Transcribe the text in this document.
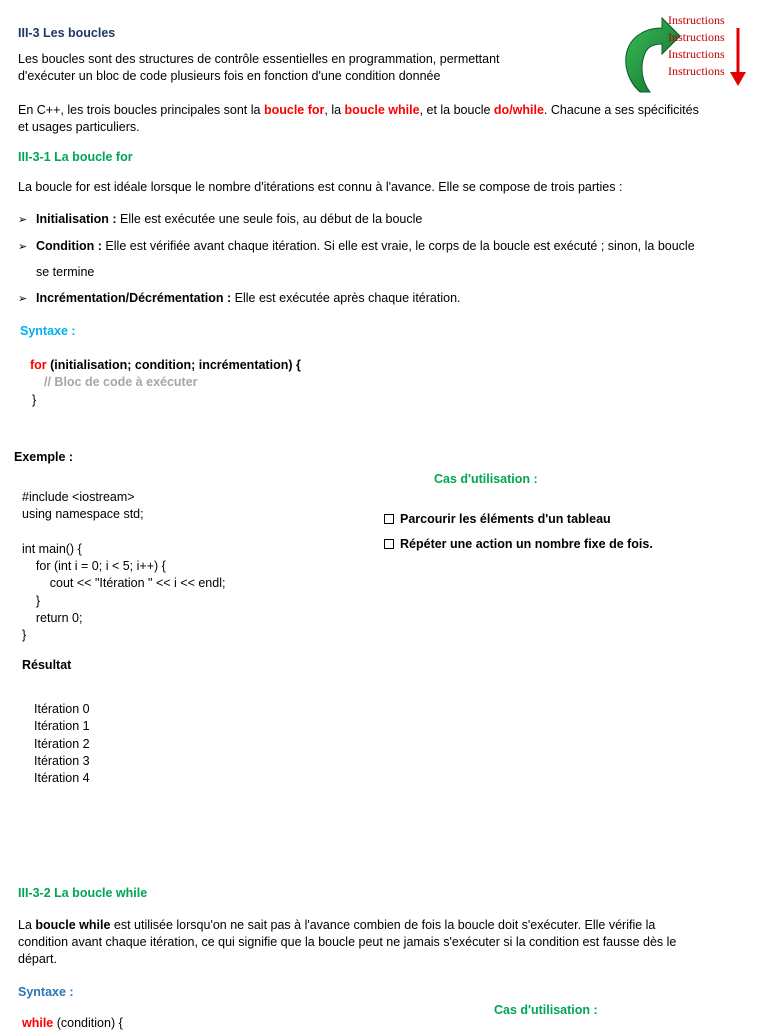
III-3 Les boucles
Instructions
Instructions
Instructions
Instructions
Les boucles sont des structures de contrôle essentielles en programmation, permettant
d'exécuter un bloc de code plusieurs fois en fonction d'une condition donnée
En C++, les trois boucles principales sont la boucle for, la boucle while, et la boucle do/while. Chacune a ses spécificités
et usages particuliers.
III-3-1 La boucle for
La boucle for est idéale lorsque le nombre d'itérations est connu à l'avance. Elle se compose de trois parties :
➢ Initialisation : Elle est exécutée une seule fois, au début de la boucle
➢ Condition : Elle est vérifiée avant chaque itération. Si elle est vraie, le corps de la boucle est exécuté ; sinon, la boucle
se termine
➢ Incrémentation/Décrémentation : Elle est exécutée après chaque itération.
Syntaxe :
for (initialisation; condition; incrémentation) {
// Bloc de code à exécuter
}
Exemple :
#include <iostream>
using namespace std;
int main() {
for (int i = 0; i < 5; i++) {
cout << "Itération " << i << endl;
}
return 0;
}
Résultat
Itération 0
Itération 1
Itération 2
Itération 3
Itération 4
Cas d'utilisation :
Parcourir les éléments d'un tableau
Répéter une action un nombre fixe de fois.
III-3-2 La boucle while
La boucle while est utilisée lorsqu'on ne sait pas à l'avance combien de fois la boucle doit s'exécuter. Elle vérifie la
condition avant chaque itération, ce qui signifie que la boucle peut ne jamais s'exécuter si la condition est fausse dès le
départ.
Syntaxe :
Cas d'utilisation :
while (condition) {
